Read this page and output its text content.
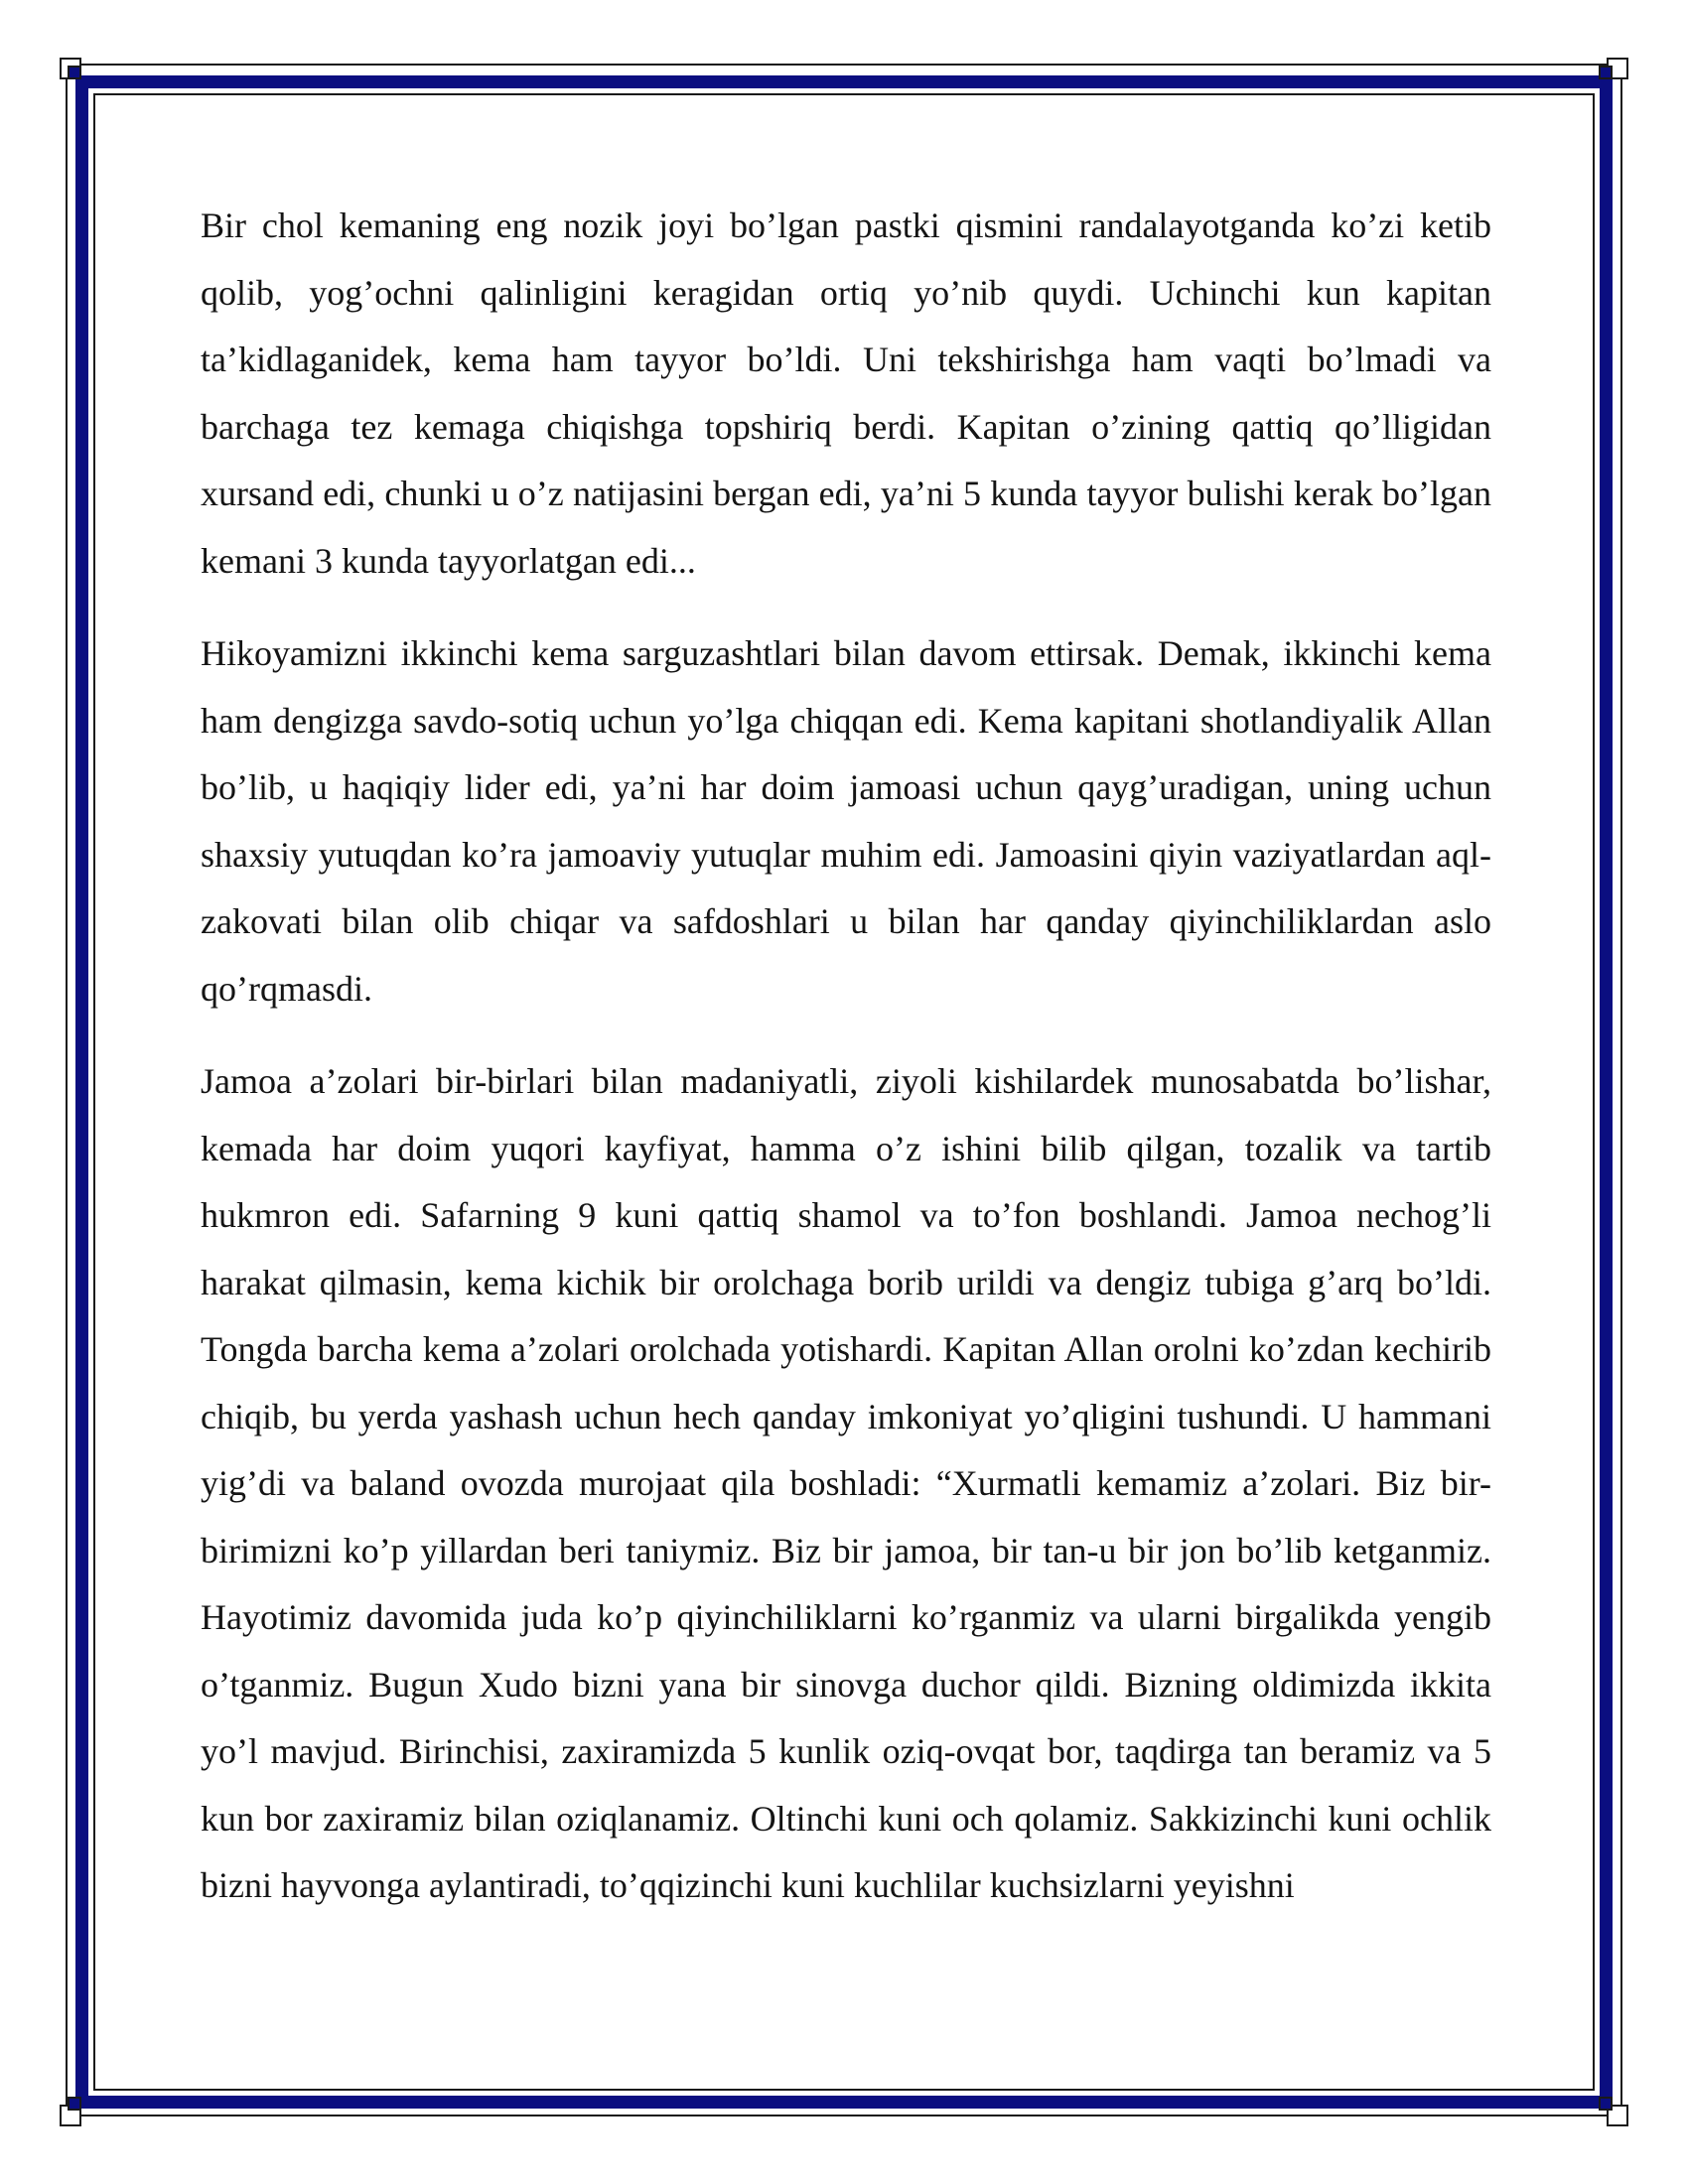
Bir chol kemaning eng nozik joyi bo’lgan pastki qismini randalayotganda ko’zi ketib qolib, yog’ochni qalinligini keragidan ortiq yo’nib quydi. Uchinchi kun kapitan ta’kidlaganidek, kema ham tayyor bo’ldi. Uni tekshirishga ham vaqti bo’lmadi va barchaga tez kemaga chiqishga topshiriq berdi. Kapitan o’zining qattiq qo’lligidan xursand edi, chunki u o’z natijasini bergan edi, ya’ni 5 kunda tayyor bulishi kerak bo’lgan kemani 3 kunda tayyorlatgan edi...

Hikoyamizni ikkinchi kema sarguzashtlari bilan davom ettirsak. Demak, ikkinchi kema ham dengizga savdo-sotiq uchun yo’lga chiqqan edi. Kema kapitani shotlandiyalik Allan bo’lib, u haqiqiy lider edi, ya’ni har doim jamoasi uchun qayg’uradigan, uning uchun shaxsiy yutuqdan ko’ra jamoaviy yutuqlar muhim edi. Jamoasini qiyin vaziyatlardan aql-zakovati bilan olib chiqar va safdoshlari u bilan har qanday qiyinchiliklardan aslo qo’rqmasdi.

Jamoa a’zolari bir-birlari bilan madaniyatli, ziyoli kishilardek munosabatda bo’lishar, kemada har doim yuqori kayfiyat, hamma o’z ishini bilib qilgan, tozalik va tartib hukmron edi. Safarning 9 kuni qattiq shamol va to’fon boshlandi. Jamoa nechog’li harakat qilmasin, kema kichik bir orolchaga borib urildi va dengiz tubiga g’arq bo’ldi. Tongda barcha kema a’zolari orolchada yotishardi. Kapitan Allan orolni ko’zdan kechirib chiqib, bu yerda yashash uchun hech qanday imkoniyat yo’qligini tushundi. U hammani yig’di va baland ovozda murojaat qila boshladi: “Xurmatli kemamiz a’zolari. Biz bir-birimizni ko’p yillardan beri taniymiz. Biz bir jamoa, bir tan-u bir jon bo’lib ketganmiz. Hayotimiz davomida juda ko’p qiyinchiliklarni ko’rganmiz va ularni birgalikda yengib o’tganmiz. Bugun Xudo bizni yana bir sinovga duchor qildi. Bizning oldimizda ikkita yo’l mavjud. Birinchisi, zaxiramizda 5 kunlik oziq-ovqat bor, taqdirga tan beramiz va 5 kun bor zaxiramiz bilan oziqlanamiz. Oltinchi kuni och qolamiz. Sakkizinchi kuni ochlik bizni hayvonga aylantiradi, to’qqizinchi kuni kuchlilar kuchsizlarni yeyishni
